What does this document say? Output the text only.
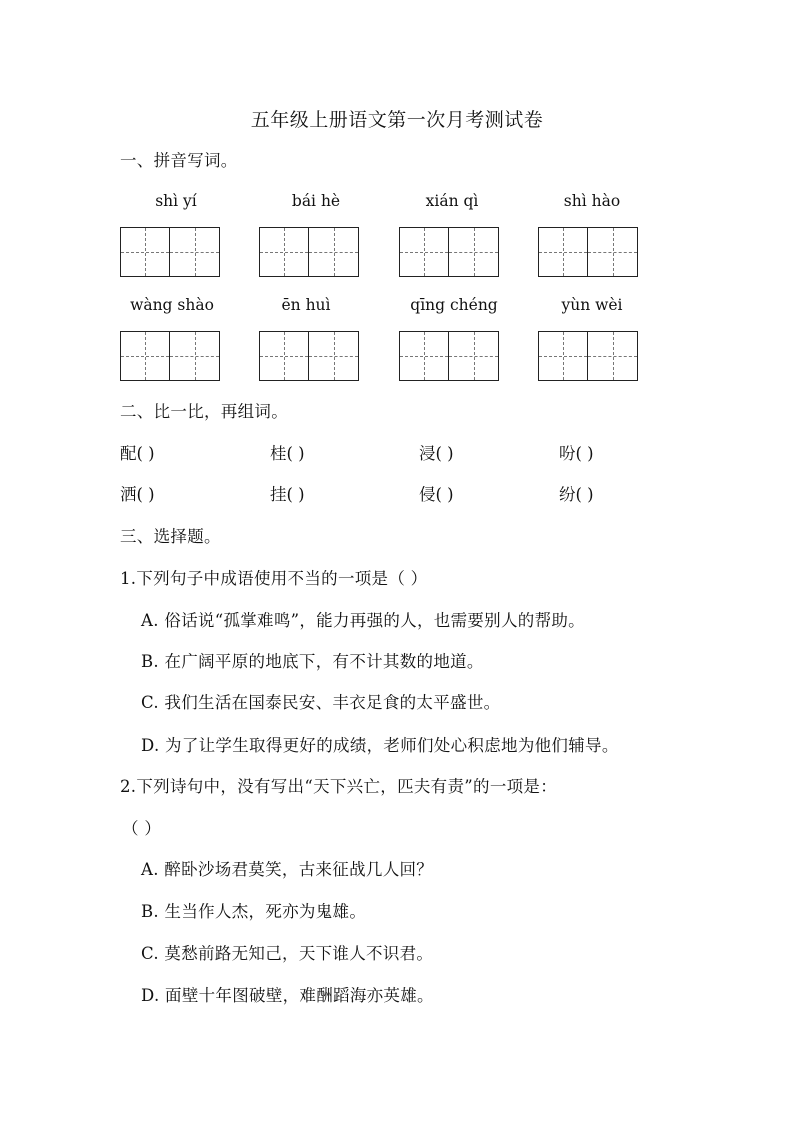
五年级上册语文第一次月考测试卷
一、拼音写词。
shì yí	bái hè	xián qì	shì hào
wàng shào	ēn huì	qīng chéng	yùn wèi
二、比一比，再组词。
配( )	桂( )	浸( )	吩( )
洒( )	挂( )	侵( )	纷( )
三、选择题。
1.下列句子中成语使用不当的一项是（ ）
A. 俗话说“孤掌难鸣”，能力再强的人，也需要别人的帮助。
B. 在广阔平原的地底下，有不计其数的地道。
C. 我们生活在国泰民安、丰衣足食的太平盛世。
D. 为了让学生取得更好的成绩，老师们处心积虑地为他们辅导。
2.下列诗句中，没有写出“天下兴亡，匹夫有责”的一项是：
（ ）
A. 醉卧沙场君莫笑，古来征战几人回？
B. 生当作人杰，死亦为鬼雄。
C. 莫愁前路无知己，天下谁人不识君。
D. 面壁十年图破壁，难酬蹈海亦英雄。
